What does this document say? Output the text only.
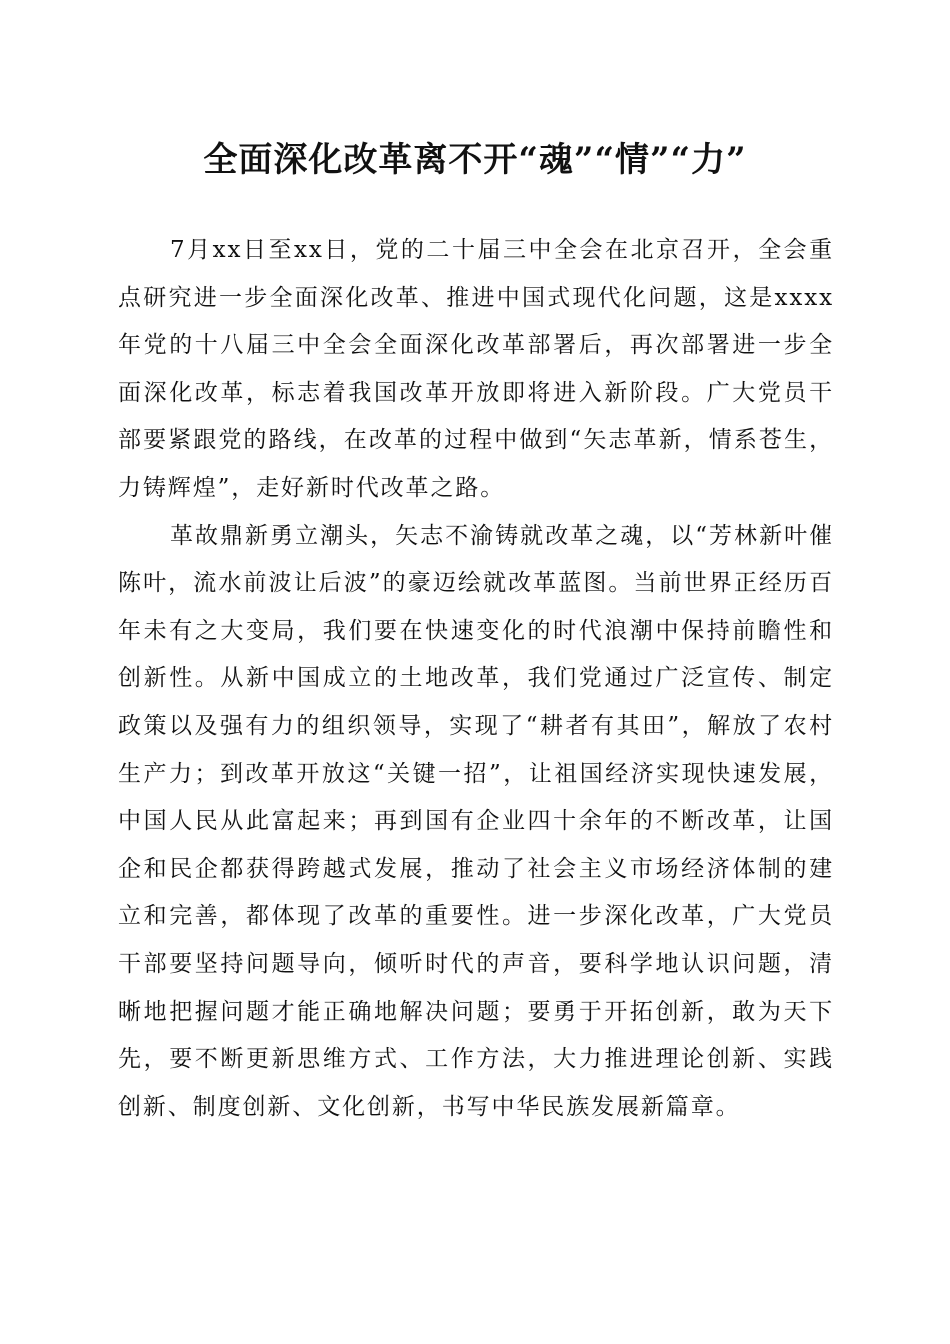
全面深化改革离不开“魂”“情”“力”

7月xx日至xx日，党的二十届三中全会在北京召开，全会重点研究进一步全面深化改革、推进中国式现代化问题，这是xxxx年党的十八届三中全会全面深化改革部署后，再次部署进一步全面深化改革，标志着我国改革开放即将进入新阶段。广大党员干部要紧跟党的路线，在改革的过程中做到“矢志革新，情系苍生，力铸辉煌”，走好新时代改革之路。

革故鼎新勇立潮头，矢志不渝铸就改革之魂，以“芳林新叶催陈叶，流水前波让后波”的豪迈绘就改革蓝图。当前世界正经历百年未有之大变局，我们要在快速变化的时代浪潮中保持前瞻性和创新性。从新中国成立的土地改革，我们党通过广泛宣传、制定政策以及强有力的组织领导，实现了“耕者有其田”，解放了农村生产力；到改革开放这“关键一招”，让祖国经济实现快速发展，中国人民从此富起来；再到国有企业四十余年的不断改革，让国企和民企都获得跨越式发展，推动了社会主义市场经济体制的建立和完善，都体现了改革的重要性。进一步深化改革，广大党员干部要坚持问题导向，倾听时代的声音，要科学地认识问题，清晰地把握问题才能正确地解决问题；要勇于开拓创新，敢为天下先，要不断更新思维方式、工作方法，大力推进理论创新、实践创新、制度创新、文化创新，书写中华民族发展新篇章。
